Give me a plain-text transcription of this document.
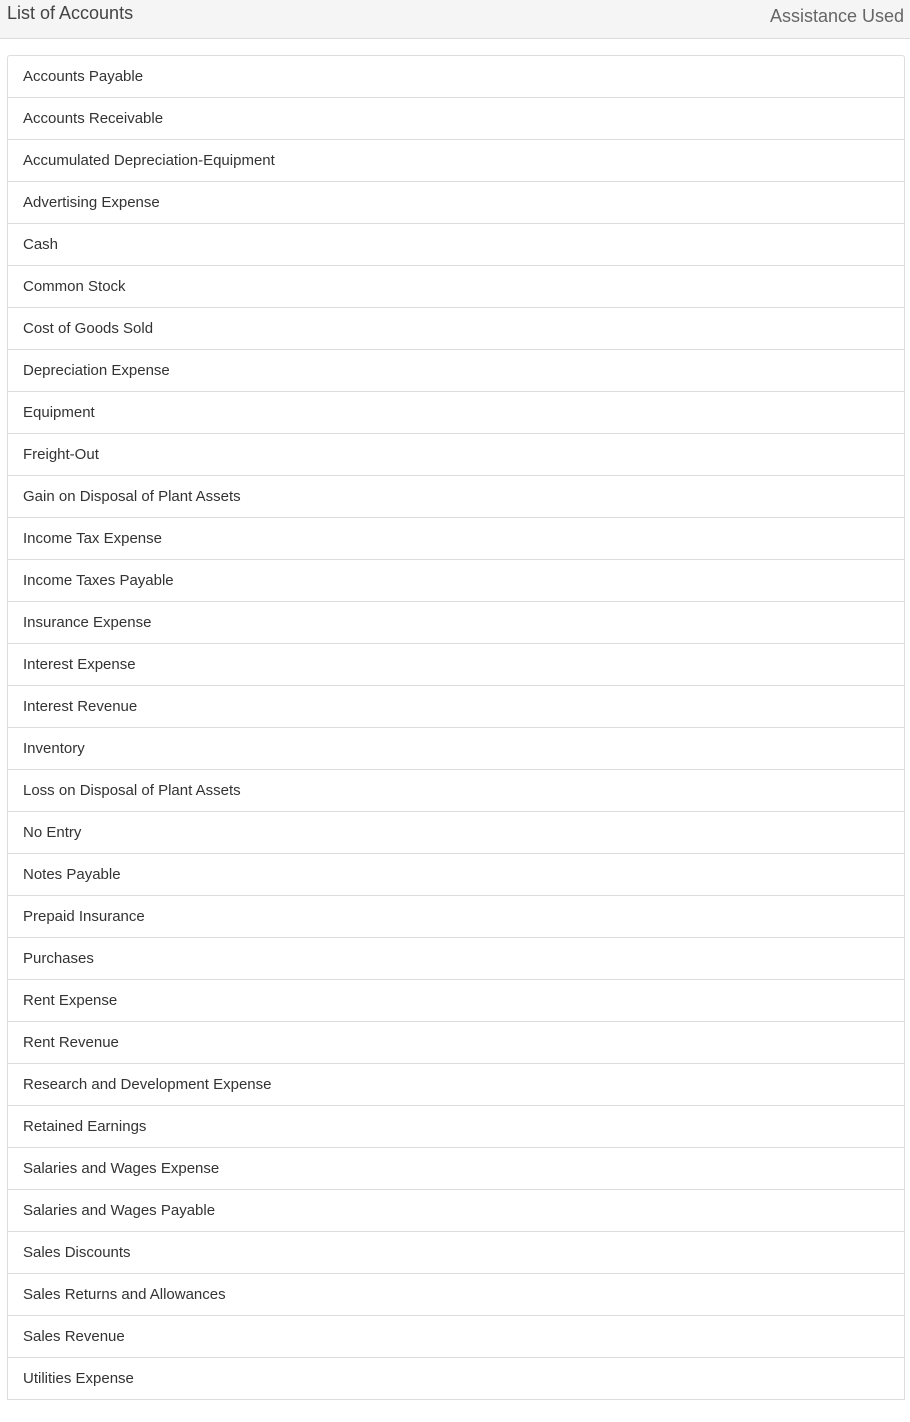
List of Accounts	Assistance Used
Accounts Payable
Accounts Receivable
Accumulated Depreciation-Equipment
Advertising Expense
Cash
Common Stock
Cost of Goods Sold
Depreciation Expense
Equipment
Freight-Out
Gain on Disposal of Plant Assets
Income Tax Expense
Income Taxes Payable
Insurance Expense
Interest Expense
Interest Revenue
Inventory
Loss on Disposal of Plant Assets
No Entry
Notes Payable
Prepaid Insurance
Purchases
Rent Expense
Rent Revenue
Research and Development Expense
Retained Earnings
Salaries and Wages Expense
Salaries and Wages Payable
Sales Discounts
Sales Returns and Allowances
Sales Revenue
Utilities Expense
